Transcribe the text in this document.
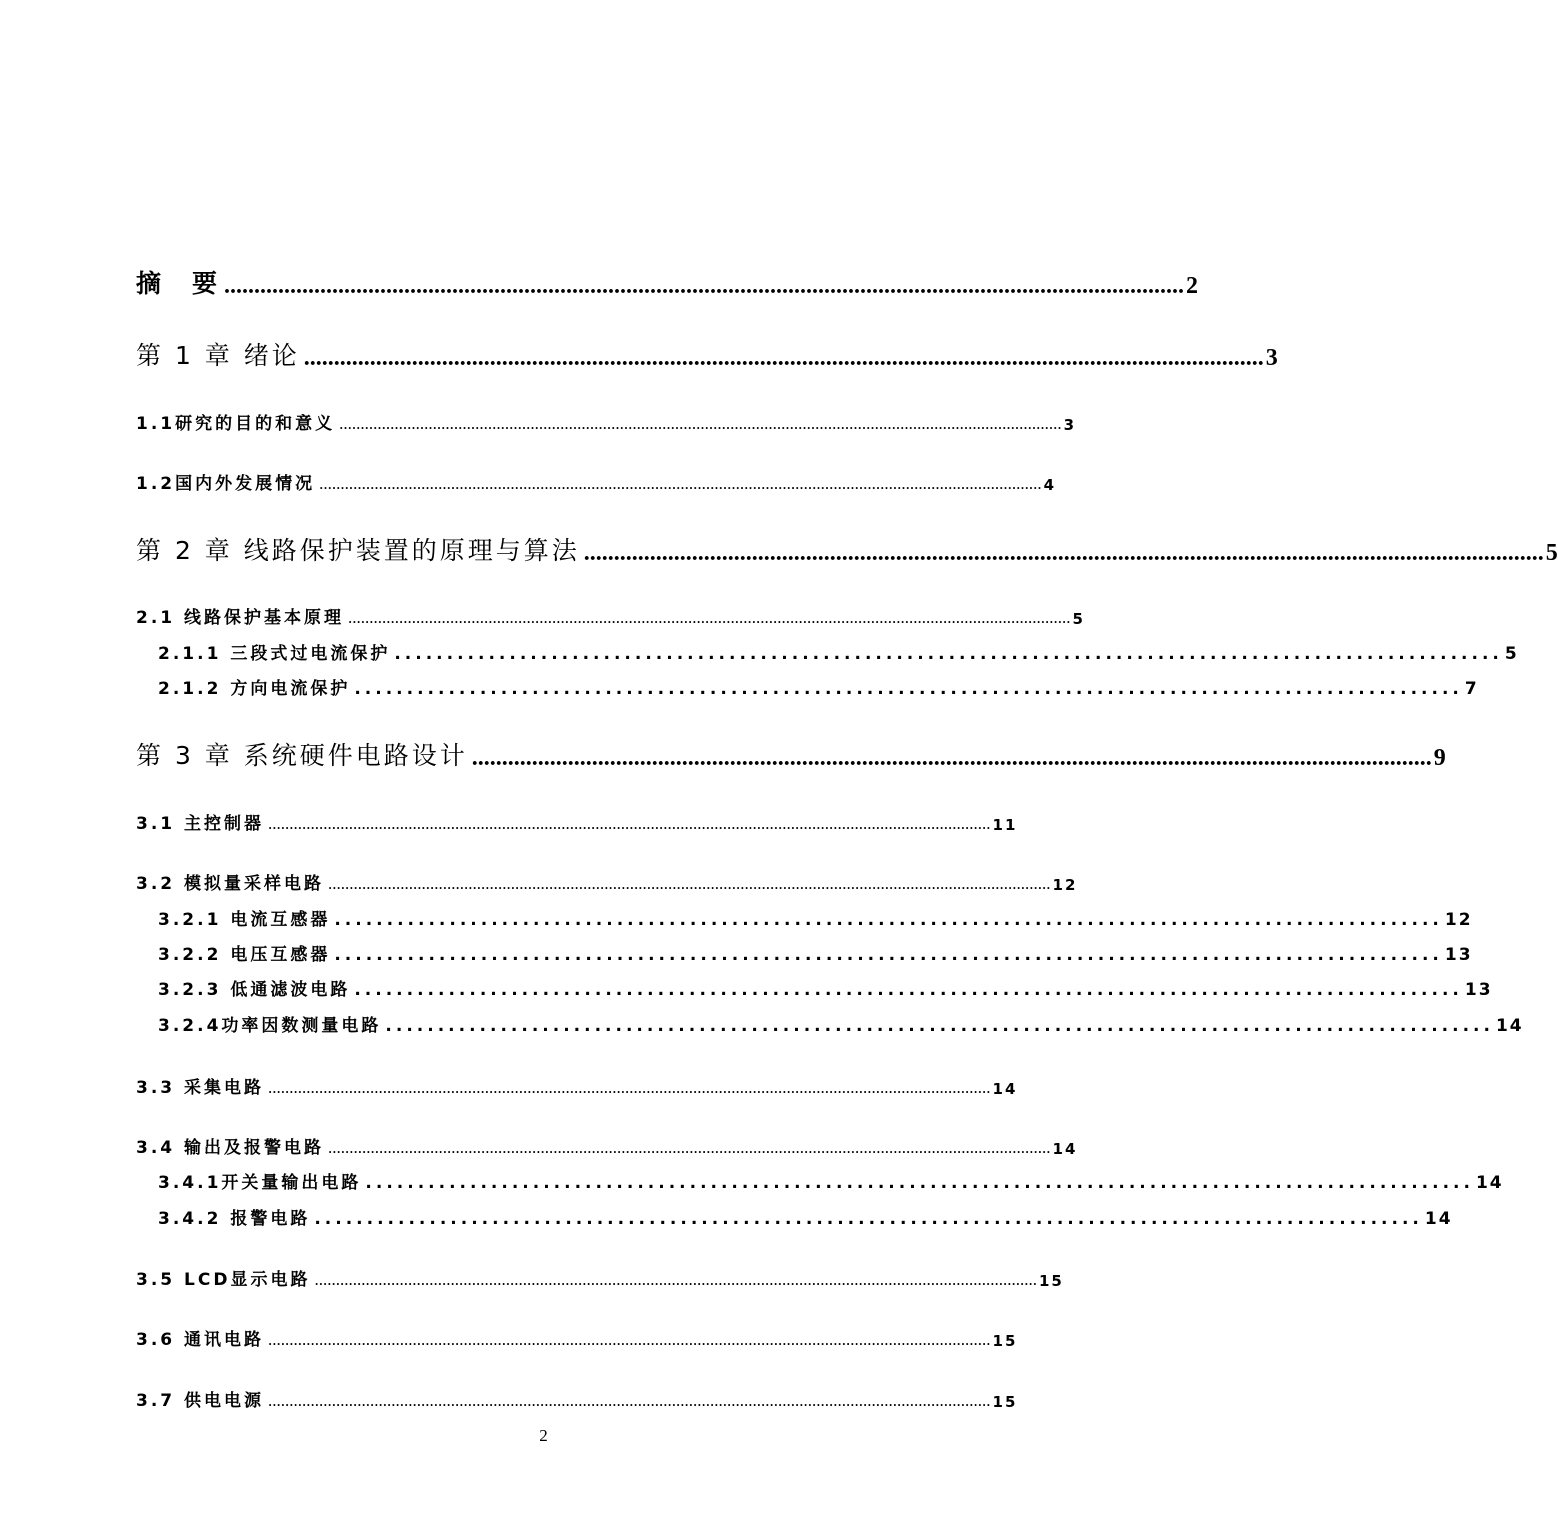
摘　要 ................................................................................................................................................................ 2
第 1 章 绪论 ................................................................................................................................................................ 3
1.1研究的目的和意义 .......................................................................................................................................................................... 3
1.2国内外发展情况 .......................................................................................................................................................................... 4
第 2 章 线路保护装置的原理与算法 ................................................................................................................................................................ 5
2.1 线路保护基本原理 .......................................................................................................................................................................... 5
2.1.1 三段式过电流保护 .......................................................................................................... 5
2.1.2 方向电流保护 .......................................................................................................... 7
第 3 章 系统硬件电路设计 ................................................................................................................................................................ 9
3.1 主控制器 .......................................................................................................................................................................... 11
3.2 模拟量采样电路 .......................................................................................................................................................................... 12
3.2.1 电流互感器 .......................................................................................................... 12
3.2.2 电压互感器 .......................................................................................................... 13
3.2.3 低通滤波电路 .......................................................................................................... 13
3.2.4功率因数测量电路 .......................................................................................................... 14
3.3 采集电路 .......................................................................................................................................................................... 14
3.4 输出及报警电路 .......................................................................................................................................................................... 14
3.4.1开关量输出电路 .......................................................................................................... 14
3.4.2 报警电路 .......................................................................................................... 14
3.5 LCD显示电路 .......................................................................................................................................................................... 15
3.6 通讯电路 .......................................................................................................................................................................... 15
3.7 供电电源 .......................................................................................................................................................................... 15
2
